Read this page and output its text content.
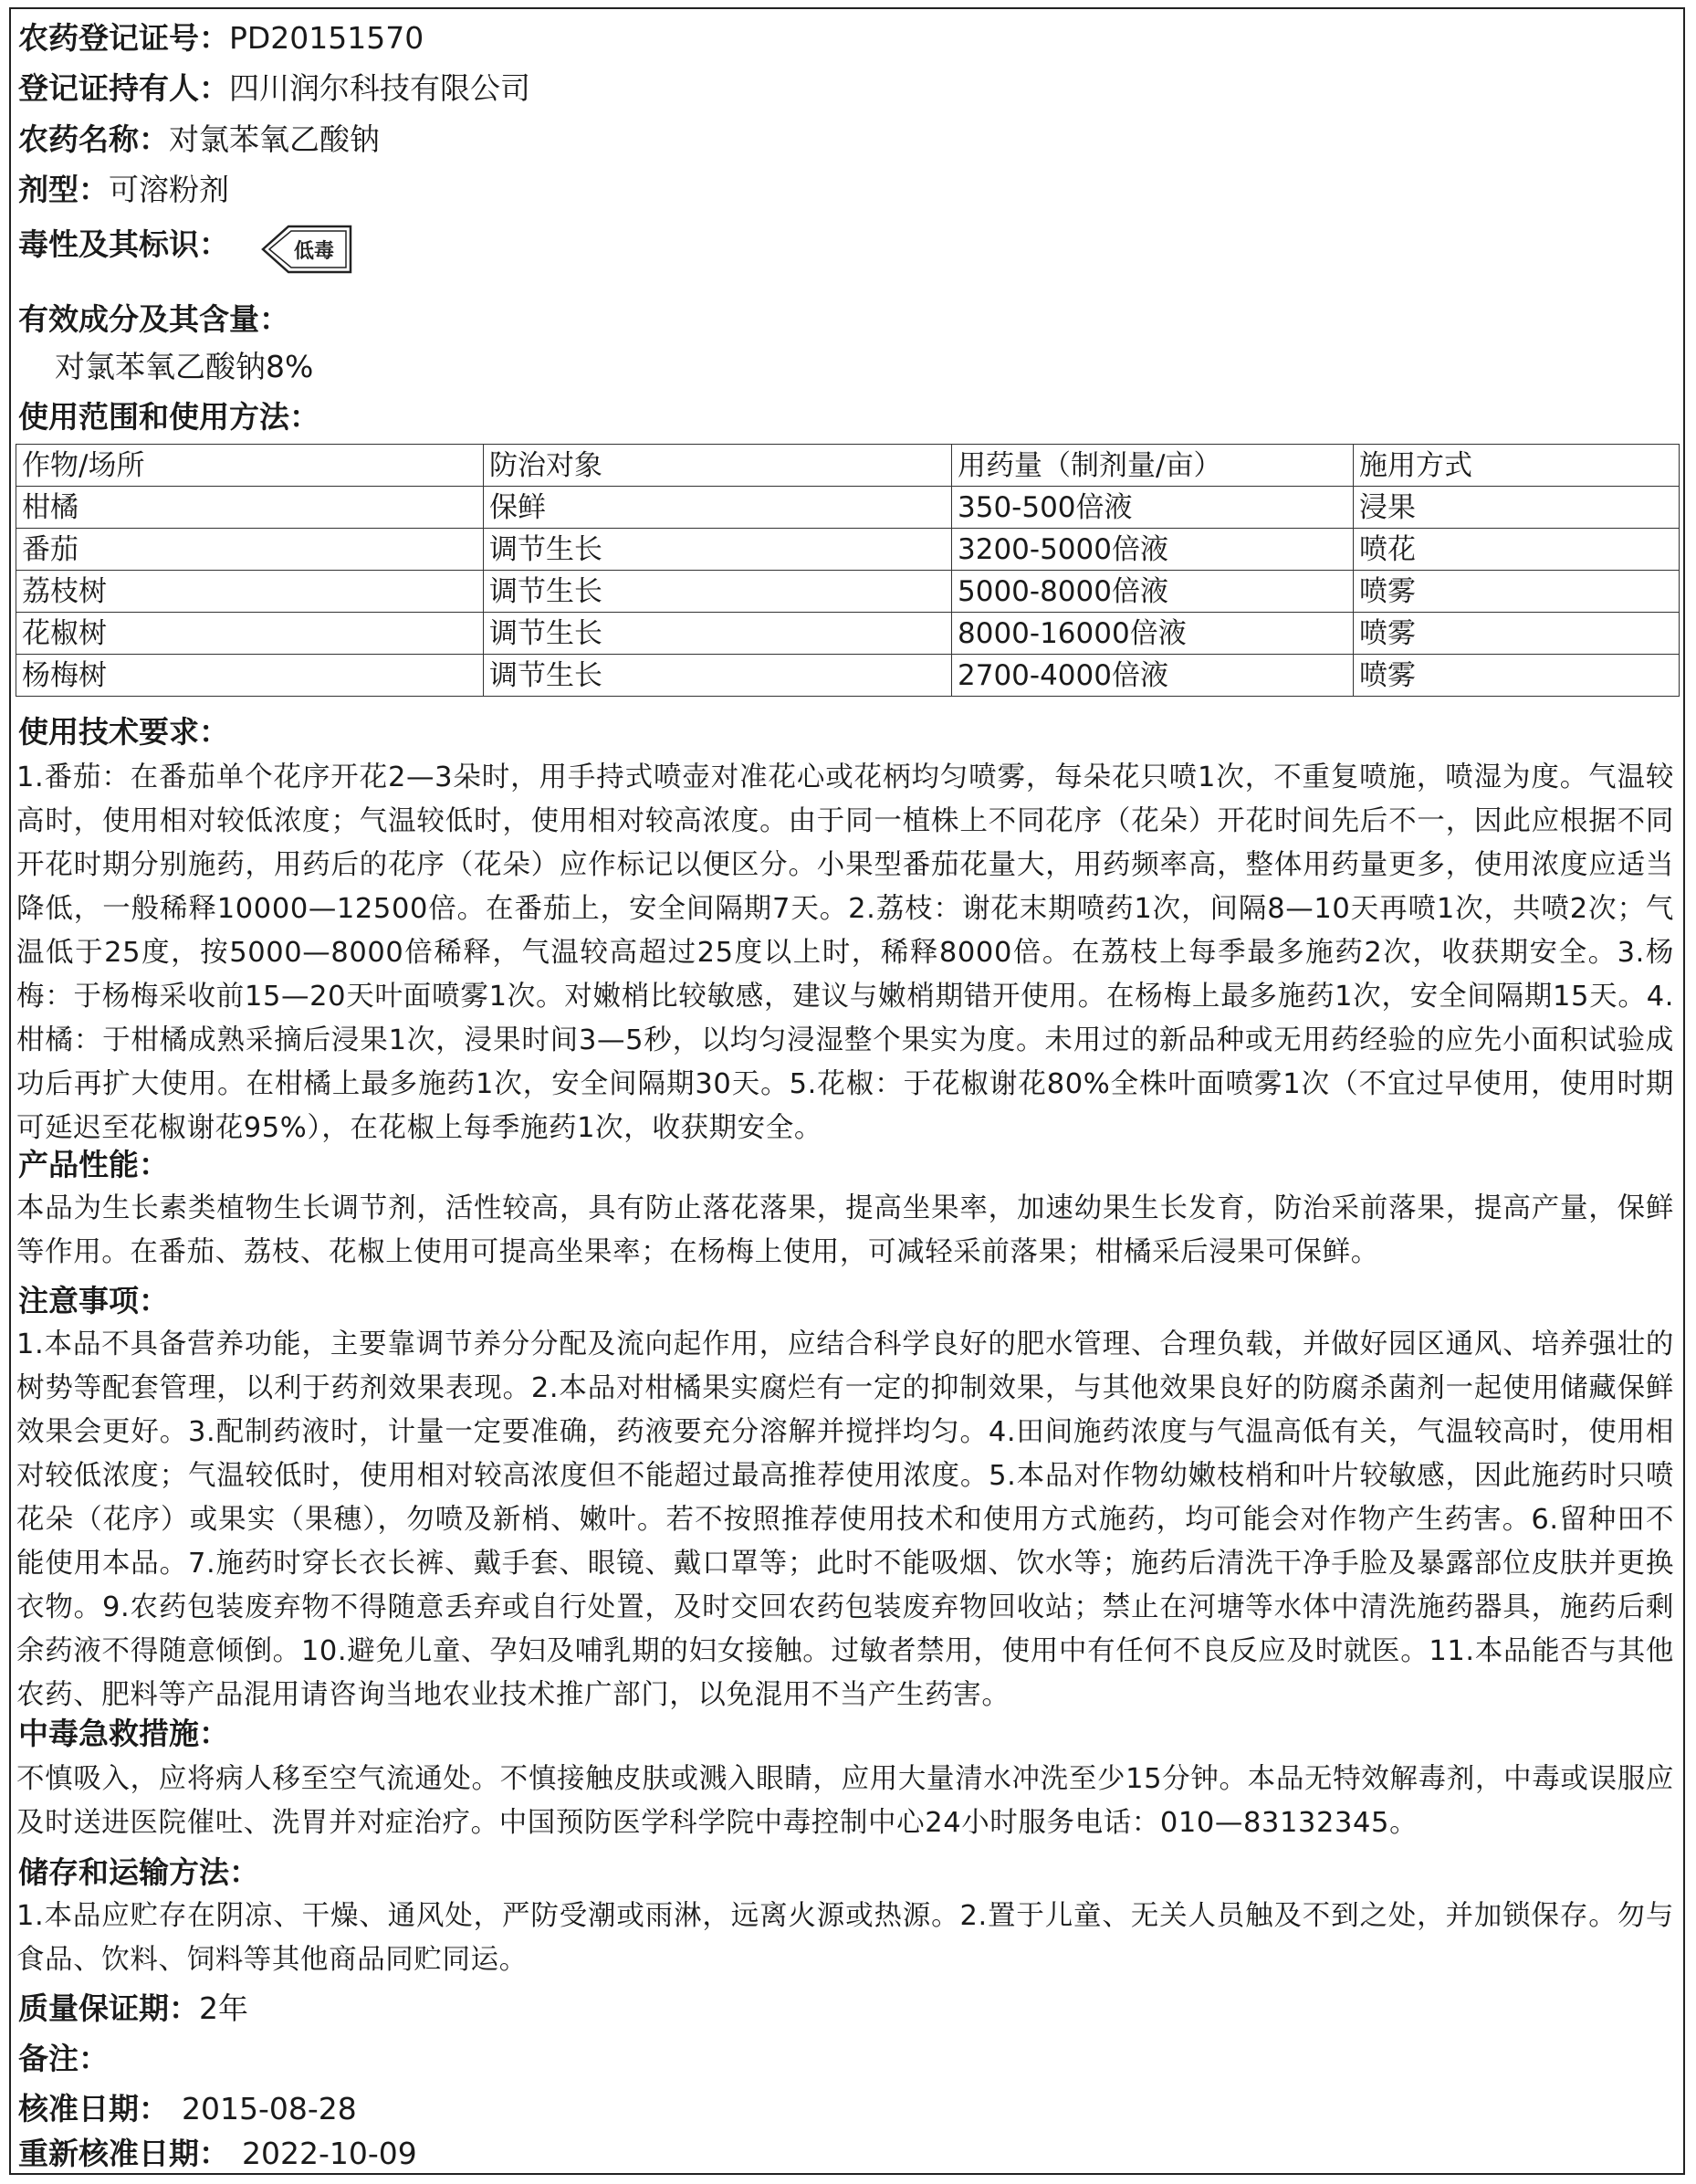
农药登记证号：PD20151570
登记证持有人：四川润尔科技有限公司
农药名称：对氯苯氧乙酸钠
剂型：可溶粉剂
毒性及其标识：	低毒
有效成分及其含量：
对氯苯氧乙酸钠8%
使用范围和使用方法：
作物/场所	防治对象	用药量（制剂量/亩）	施用方式
柑橘	保鲜	350-500倍液	浸果
番茄	调节生长	3200-5000倍液	喷花
荔枝树	调节生长	5000-8000倍液	喷雾
花椒树	调节生长	8000-16000倍液	喷雾
杨梅树	调节生长	2700-4000倍液	喷雾
使用技术要求：
1.番茄：在番茄单个花序开花2—3朵时，用手持式喷壶对准花心或花柄均匀喷雾，每朵花只喷1次，不重复喷施，喷湿为度。气温较高时，使用相对较低浓度；气温较低时，使用相对较高浓度。由于同一植株上不同花序（花朵）开花时间先后不一，因此应根据不同开花时期分别施药，用药后的花序（花朵）应作标记以便区分。小果型番茄花量大，用药频率高，整体用药量更多，使用浓度应适当降低，一般稀释10000—12500倍。在番茄上，安全间隔期7天。2.荔枝：谢花末期喷药1次，间隔8—10天再喷1次，共喷2次；气温低于25度，按5000—8000倍稀释，气温较高超过25度以上时，稀释8000倍。在荔枝上每季最多施药2次，收获期安全。3.杨梅：于杨梅采收前15—20天叶面喷雾1次。对嫩梢比较敏感，建议与嫩梢期错开使用。在杨梅上最多施药1次，安全间隔期15天。4.柑橘：于柑橘成熟采摘后浸果1次，浸果时间3—5秒，以均匀浸湿整个果实为度。未用过的新品种或无用药经验的应先小面积试验成功后再扩大使用。在柑橘上最多施药1次，安全间隔期30天。5.花椒：于花椒谢花80%全株叶面喷雾1次（不宜过早使用，使用时期可延迟至花椒谢花95%），在花椒上每季施药1次，收获期安全。
产品性能：
本品为生长素类植物生长调节剂，活性较高，具有防止落花落果，提高坐果率，加速幼果生长发育，防治采前落果，提高产量，保鲜等作用。在番茄、荔枝、花椒上使用可提高坐果率；在杨梅上使用，可减轻采前落果；柑橘采后浸果可保鲜。
注意事项：
1.本品不具备营养功能，主要靠调节养分分配及流向起作用，应结合科学良好的肥水管理、合理负载，并做好园区通风、培养强壮的树势等配套管理，以利于药剂效果表现。2.本品对柑橘果实腐烂有一定的抑制效果，与其他效果良好的防腐杀菌剂一起使用储藏保鲜效果会更好。3.配制药液时，计量一定要准确，药液要充分溶解并搅拌均匀。4.田间施药浓度与气温高低有关，气温较高时，使用相对较低浓度；气温较低时，使用相对较高浓度但不能超过最高推荐使用浓度。5.本品对作物幼嫩枝梢和叶片较敏感，因此施药时只喷花朵（花序）或果实（果穗），勿喷及新梢、嫩叶。若不按照推荐使用技术和使用方式施药，均可能会对作物产生药害。6.留种田不能使用本品。7.施药时穿长衣长裤、戴手套、眼镜、戴口罩等；此时不能吸烟、饮水等；施药后清洗干净手脸及暴露部位皮肤并更换衣物。9.农药包装废弃物不得随意丢弃或自行处置，及时交回农药包装废弃物回收站；禁止在河塘等水体中清洗施药器具，施药后剩余药液不得随意倾倒。10.避免儿童、孕妇及哺乳期的妇女接触。过敏者禁用，使用中有任何不良反应及时就医。11.本品能否与其他农药、肥料等产品混用请咨询当地农业技术推广部门，以免混用不当产生药害。
中毒急救措施：
不慎吸入，应将病人移至空气流通处。不慎接触皮肤或溅入眼睛，应用大量清水冲洗至少15分钟。本品无特效解毒剂，中毒或误服应及时送进医院催吐、洗胃并对症治疗。中国预防医学科学院中毒控制中心24小时服务电话：010—83132345。
储存和运输方法：
1.本品应贮存在阴凉、干燥、通风处，严防受潮或雨淋，远离火源或热源。2.置于儿童、无关人员触及不到之处，并加锁保存。勿与食品、饮料、饲料等其他商品同贮同运。
质量保证期：2年
备注：
核准日期： 2015-08-28
重新核准日期： 2022-10-09
